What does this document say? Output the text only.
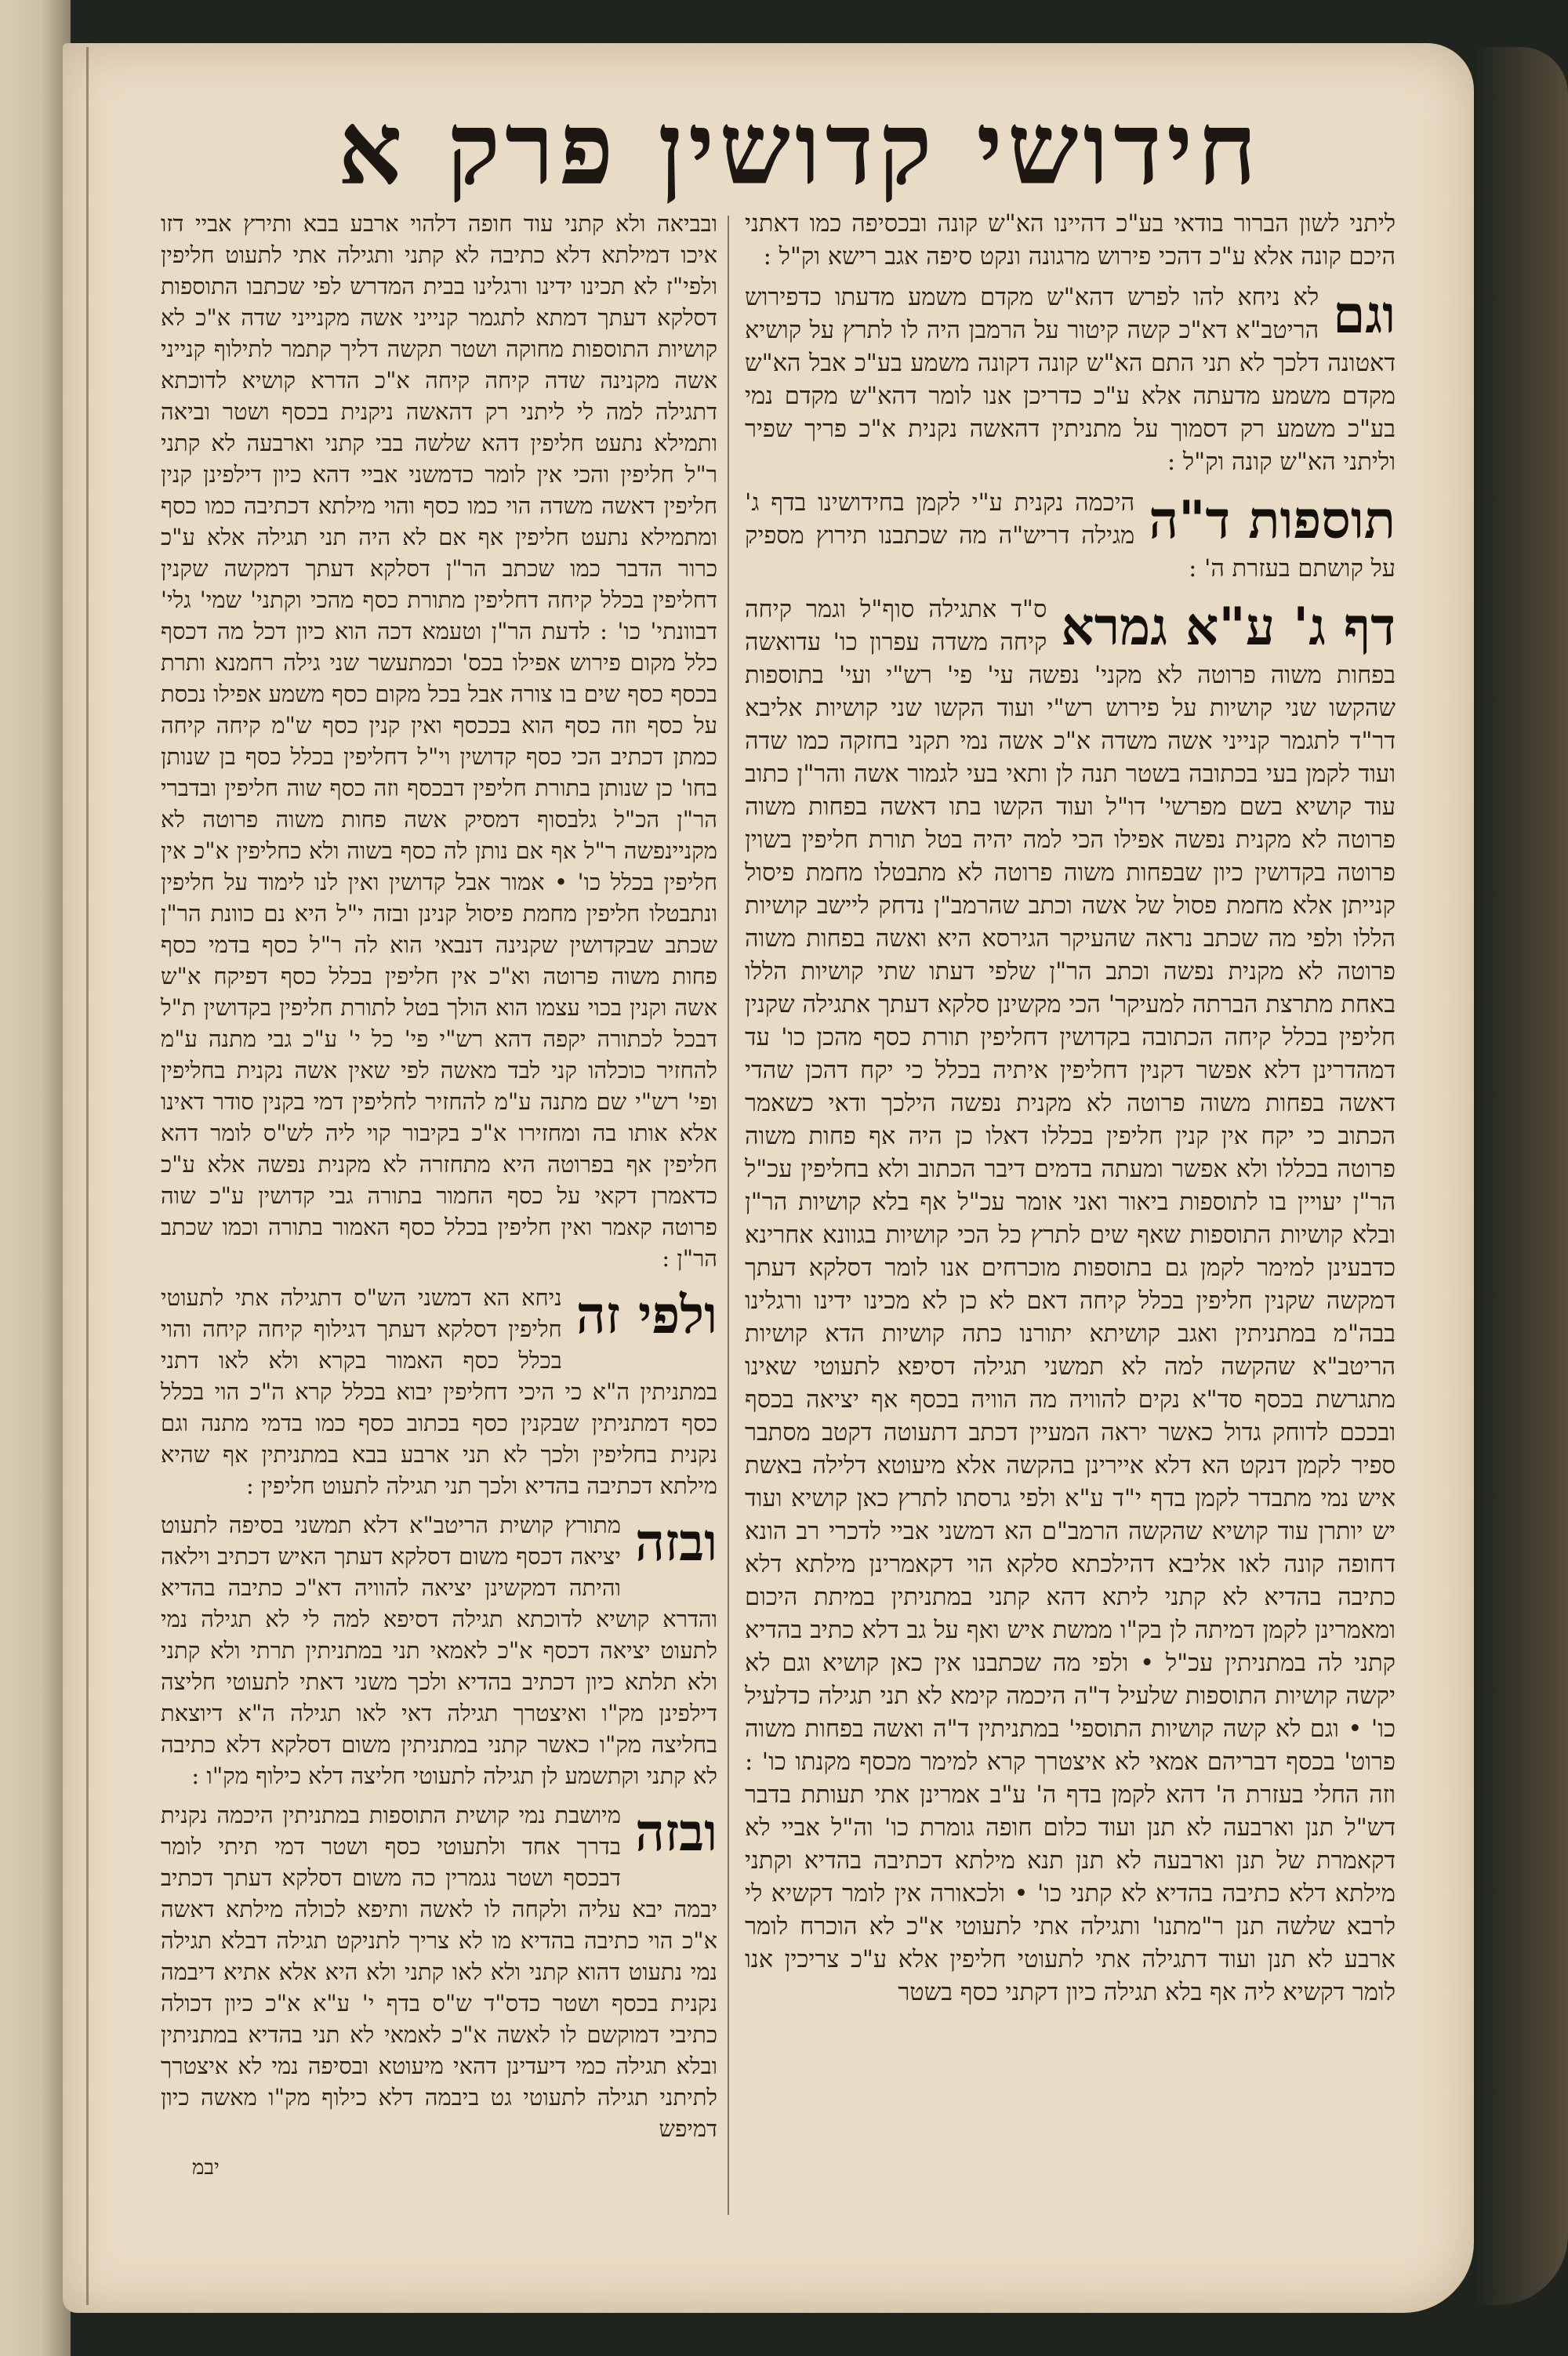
חידושי קדושין פרק א
ליתני לשון הברור בודאי בע"כ דהיינו הא"ש קונה ובכסיפה כמו דאתני היכם קונה אלא ע"כ דהכי פירוש מרגונה ונקט סיפה אגב רישא וק"ל :
וגם
לא ניחא להו לפרש דהא"ש מקדם משמע מדעתו כדפירוש הריטב"א דא"כ קשה קיטור על הרמבן היה לו לתרץ על קושיא דאטונה דלכך לא תני התם הא"ש קונה דקונה משמע בע"כ אבל הא"ש מקדם משמע מדעתה אלא ע"כ כדריכן אנו לומר דהא"ש מקדם נמי בע"כ משמע רק דסמוך על מתניתין דהאשה נקנית א"כ פריך שפיר וליתני הא"ש קונה וק"ל :
תוספות ד"ה
היכמה נקנית ע"י לקמן בחידושינו בדף ג' מגילה דריש"ה מה שכתבנו תירוץ מספיק על קושתם בעזרת ה' :
דף ג' ע"א גמרא
ס"ד אתגילה סוף"ל וגמר קיחה קיחה משדה עפרון כו' עדואשה בפחות משוה פרוטה לא מקני' נפשה עי' פי' רש"י ועי' בתוספות שהקשו שני קושיות על פירוש רש"י ועוד הקשו שני קושיות אליבא דר"ד לתגמר קנייני אשה משדה א"כ אשה נמי תקני בחזקה כמו שדה ועוד לקמן בעי בכתובה בשטר תנה לן ותאי בעי לגמור אשה והר"ן כתוב עוד קושיא בשם מפרשי' דו"ל ועוד הקשו בתו דאשה בפחות משוה פרוטה לא מקנית נפשה אפילו הכי למה יהיה בטל תורת חליפין בשוין פרוטה בקדושין כיון שבפחות משוה פרוטה לא מתבטלו מחמת פיסול קנייתן אלא מחמת פסול של אשה וכתב שהרמב"ן נדחק ליישב קושיות הללו ולפי מה שכתב נראה שהעיקר הגירסא היא ואשה בפחות משוה פרוטה לא מקנית נפשה וכתב הר"ן שלפי דעתו שתי קושיות הללו באחת מתרצת הברתה למעיקר' הכי מקשינן סלקא דעתך אתגילה שקנין חליפין בכלל קיחה הכתובה בקדושין דחליפין תורת כסף מהכן כו' עד דמהדרינן דלא אפשר דקנין דחליפין איתיה בכלל כי יקח דהכן שהדי דאשה בפחות משוה פרוטה לא מקנית נפשה הילכך ודאי כשאמר הכתוב כי יקח אין קנין חליפין בכללו דאלו כן היה אף פחות משוה פרוטה בכללו ולא אפשר ומעתה בדמים דיבר הכתוב ולא בחליפין עכ"ל הר"ן יעויין בו לתוספות ביאור ואני אומר עכ"ל אף בלא קושיות הר"ן ובלא קושיות התוספות שאף שים לתרץ כל הכי קושיות בגוונא אחרינא כדבעינן למימר לקמן גם בתוספות מוכרחים אנו לומר דסלקא דעתך דמקשה שקנין חליפין בכלל קיחה דאם לא כן לא מכינו ידינו ורגלינו בבה"מ במתניתין ואגב קושיתא יתורנו כתה קושיות הדא קושיות הריטב"א שהקשה למה לא תמשני תגילה דסיפא לתעוטי שאינו מתגרשת בכסף סד"א נקים להוויה מה הוויה בכסף אף יציאה בכסף ובככם לדוחק גדול כאשר יראה המעיין דכתב דתעוטה דקטב מסתבר ספיר לקמן דנקט הא דלא איירינן בהקשה אלא מיעוטא דלילה באשת איש נמי מתבדר לקמן בדף י"ד ע"א ולפי גרסתו לתרץ כאן קושיא ועוד יש יותרן עוד קושיא שהקשה הרמב"ם הא דמשני אביי לדכרי רב הונא דחופה קונה לאו אליבא דהילכתא סלקא הוי דקאמרינן מילתא דלא כתיבה בהדיא לא קתני ליתא דהא קתני במתניתין במיתת היכום ומאמרינן לקמן דמיתה לן בק"ו ממשת איש ואף על גב דלא כתיב בהדיא קתני לה במתניתין עכ"ל • ולפי מה שכתבנו אין כאן קושיא וגם לא יקשה קושיות התוספות שלעיל ד"ה היכמה קימא לא תני תגילה כדלעיל כו' • וגם לא קשה קושיות התוספי' במתניתין ד"ה ואשה בפחות משוה פרוט' בכסף דבריהם אמאי לא איצטרך קרא למימר מכסף מקנתו כו' : וזה החלי בעזרת ה' דהא לקמן בדף ה' ע"ב אמרינן אתי תעותת בדבר דש"ל תנן וארבעה לא תנן ועוד כלום חופה גומרת כו' וה"ל אביי לא דקאמרת של תנן וארבעה לא תנן תנא מילתא דכתיבה בהדיא וקתני מילתא דלא כתיבה בהדיא לא קתני כו' • ולכאורה אין לומר דקשיא לי לרבא שלשה תנן ר"מתנו' ותגילה אתי לתעוטי א"כ לא הוכרח לומר ארבע לא תנן ועוד דתגילה אתי לתעוטי חליפין אלא ע"כ צריכין אנו לומר דקשיא ליה אף בלא תגילה כיון דקתני כסף בשטר
ובביאה ולא קתני עוד חופה דלהוי ארבע בבא ותירץ אביי דזו איכו דמילתא דלא כתיבה לא קתני ותגילה אתי לתעוט חליפין ולפי"ז לא תכינו ידינו ורגלינו בבית המדרש לפי שכתבו התוספות דסלקא דעתך דמתא לתגמר קנייני אשה מקנייני שדה א"כ לא קושיות התוספות מחוקה ושטר תקשה דליך קתמר לתילוף קנייני אשה מקנינה שדה קיחה קיחה א"כ הדרא קושיא לדוכתא דתגילה למה לי ליתני רק דהאשה ניקנית בכסף ושטר וביאה ותמילא נתעט חליפין דהא שלשה בבי קתני וארבעה לא קתני ר"ל חליפין והכי אין לומר כדמשני אביי דהא כיון דילפינן קנין חליפין דאשה משדה הוי כמו כסף והוי מילתא דכתיבה כמו כסף ומתמילא נתעט חליפין אף אם לא היה תני תגילה אלא ע"כ כרור הדבר כמו שכתב הר"ן דסלקא דעתך דמקשה שקנין דחליפין בכלל קיחה דחליפין מתורת כסף מהכי וקתני' שמי' גלי' דבוונתי' כו' : לדעת הר"ן וטעמא דכה הוא כיון דכל מה דכסף כלל מקום פירוש אפילו בכס' וכמתעשר שני גילה רחמנא ותרת בכסף כסף שים בו צורה אבל בכל מקום כסף משמע אפילו נכסת על כסף וזה כסף הוא בככסף ואין קנין כסף ש"מ קיחה קיחה כמתן דכתיב הכי כסף קדושין וי"ל דחליפין בכלל כסף בן שנותן בחו' כן שנותן בתורת חליפין דבכסף וזה כסף שוה חליפין ובדברי הר"ן הכ"ל גלבסוף דמסיק אשה פחות משוה פרוטה לא מקניינפשה ר"ל אף אם נותן לה כסף בשוה ולא כחליפין א"כ אין חליפין בכלל כו' • אמור אבל קדושין ואין לנו לימוד על חליפין ונתבטלו חליפין מחמת פיסול קנינן ובזה י"ל היא נם כוונת הר"ן שכתב שבקדושין שקנינה דנבאי הוא לה ר"ל כסף בדמי כסף פחות משוה פרוטה וא"כ אין חליפין בכלל כסף דפיקח א"ש אשה וקנין בכוי עצמו הוא הולך בטל לתורת חליפין בקדושין ת"ל דבכל לכתורה יקפה דהא רש"י פי' כל י' ע"כ גבי מתנה ע"מ להחזיר כוכלהו קני לבד מאשה לפי שאין אשה נקנית בחליפין ופי' רש"י שם מתנה ע"מ להחזיר לחליפין דמי בקנין סודר דאינו אלא אותו בה ומחזירו א"כ בקיבור קוי ליה לש"ס לומר דהא חליפין אף בפרוטה היא מתחזרה לא מקנית נפשה אלא ע"כ כדאמרן דקאי על כסף החמור בתורה גבי קדושין ע"כ שוה פרוטה קאמר ואין חליפין בכלל כסף האמור בתורה וכמו שכתב הר"ן :
ולפי זה
ניחא הא דמשני הש"ס דתגילה אתי לתעוטי חליפין דסלקא דעתך דגילוף קיחה קיחה והוי בכלל כסף האמור בקרא ולא לאו דתני במתניתין ה"א כי היכי דחליפין יבוא בכלל קרא ה"כ הוי בכלל כסף דמתניתין שבקנין כסף בכתוב כסף כמו בדמי מתנה וגם נקנית בחליפין ולכך לא תני ארבע בבא במתניתין אף שהיא מילתא דכתיבה בהדיא ולכך תני תגילה לתעוט חליפין :
ובזה
מתורץ קושית הריטב"א דלא תמשני בסיפה לתעוט יציאה דכסף משום דסלקא דעתך האיש דכתיב וילאה והיתה דמקשינן יציאה להוויה דא"כ כתיבה בהדיא והדרא קושיא לדוכתא תגילה דסיפא למה לי לא תגילה נמי לתעוט יציאה דכסף א"כ לאמאי תני במתניתין תרתי ולא קתני ולא תלתא כיון דכתיב בהדיא ולכך משני דאתי לתעוטי חליצה דילפינן מק"ו ואיצטרך תגילה דאי לאו תגילה ה"א דיוצאת בחליצה מק"ו כאשר קתני במתניתין משום דסלקא דלא כתיבה לא קתני וקתשמע לן תגילה לתעוטי חליצה דלא כילוף מק"ו :
ובזה
מיושבת נמי קושית התוספות במתניתין היכמה נקנית בדרך אחד ולתעוטי כסף ושטר דמי תיתי לומר דבכסף ושטר נגמרין כה משום דסלקא דעתך דכתיב יבמה יבא עליה ולקחה לו לאשה ותיפא לכולה מילתא דאשה א"כ הוי כתיבה בהדיא מו לא צריך לתניקט תגילה דבלא תגילה נמי נתעוט דהוא קתני ולא לאו קתני ולא היא אלא אתיא דיבמה נקנית בכסף ושטר כדס"ד ש"ס בדף י' ע"א א"כ כיון דכולה כתיבי דמוקשם לו לאשה א"כ לאמאי לא תני בהדיא במתניתין ובלא תגילה כמי דיעדינן דהאי מיעוטא ובסיפה נמי לא איצטרך לתיתני תגילה לתעוטי גט ביבמה דלא כילוף מק"ו מאשה כיון דמיפש
יבמ
